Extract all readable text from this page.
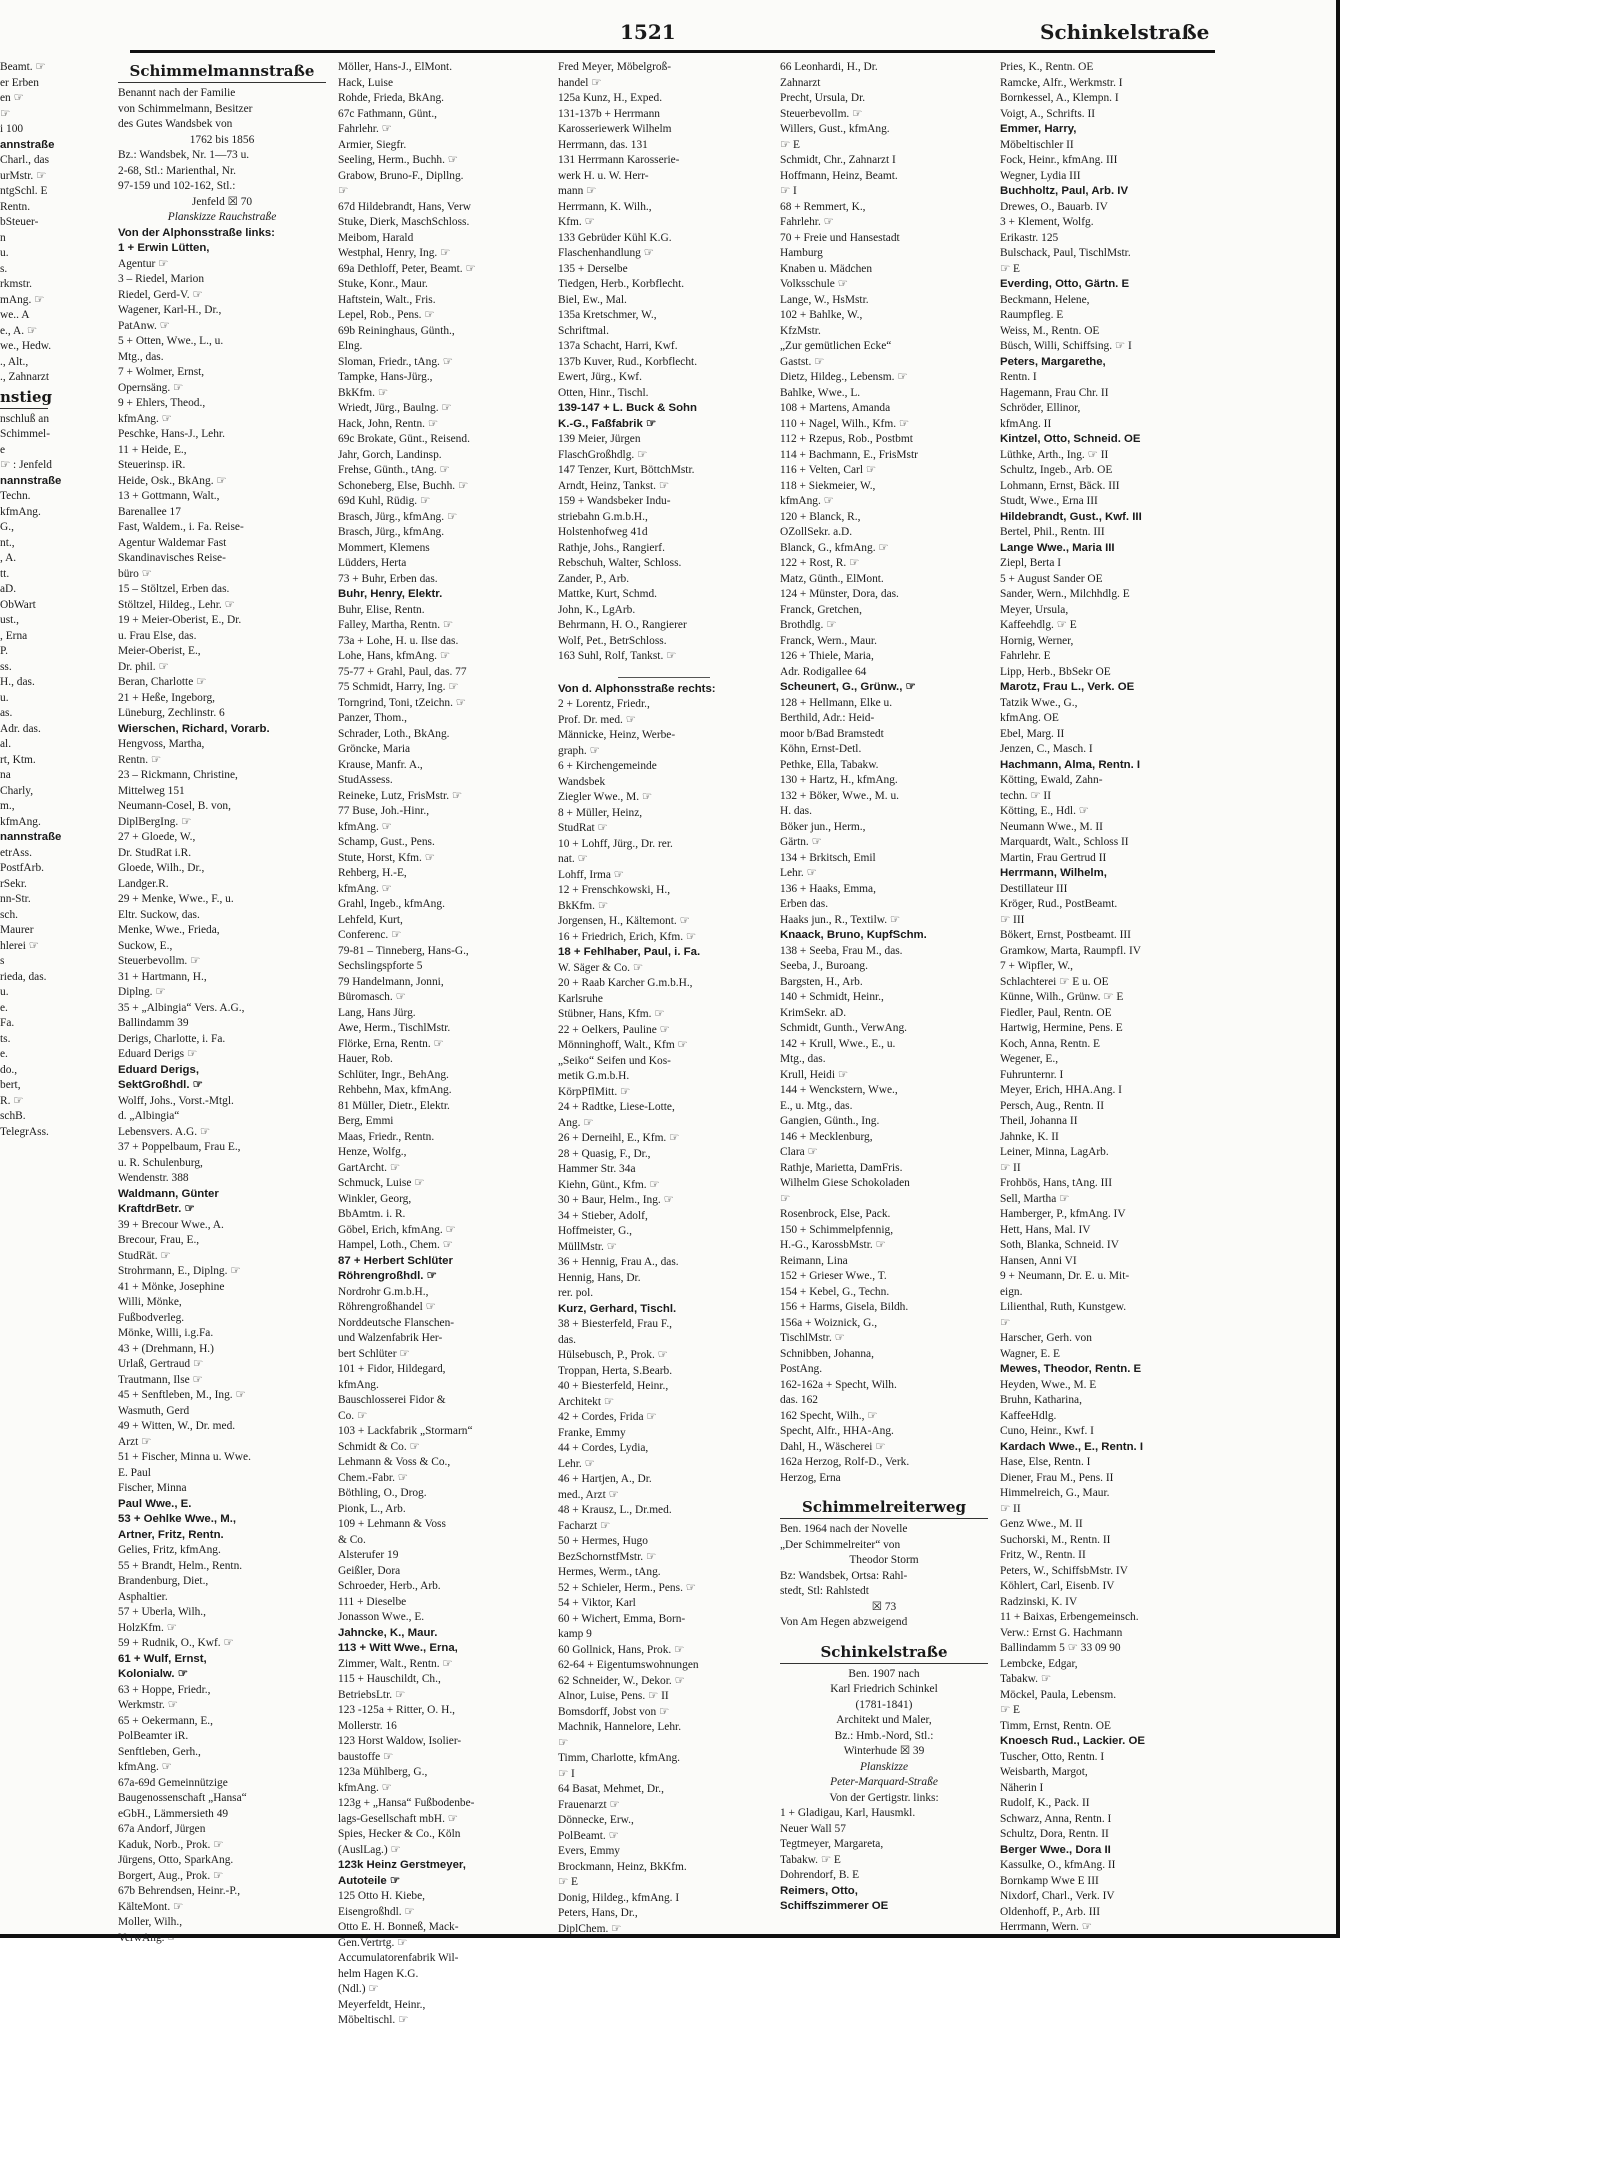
1521	Schinkelstraße
Beamt. ☞
er Erben
en ☞
☞
i 100
annstraße
Charl., das
urMstr. ☞
ntgSchl. E
Rentn.
bSteuer-
n
u.
s.
rkmstr.
mAng. ☞
we.. A
e., A. ☞
we., Hedw.
., Alt.,
., Zahnarzt
nstieg
nschluß an
Schimmel-
e
☞ : Jenfeld
nannstraße
Techn.
kfmAng.
G.,
nt.,
, A.
tt.
aD.
ObWart
ust.,
, Erna
P.
ss.
H., das.
u.
as.
Adr. das.
al.
rt, Ktm.
na
Charly,
m.,
kfmAng.
nannstraße
etrAss.
PostfArb.
rSekr.
nn-Str.
sch.
Maurer
hlerei ☞
s
rieda, das.
u.
e.
Fa.
ts.
e.
do.,
bert,
R. ☞
schB.
TelegrAss.
Schimmelmannstraße
Benannt nach der Familie
von Schimmelmann, Besitzer
des Gutes Wandsbek von
1762 bis 1856
Bz.: Wandsbek, Nr. 1—73 u.
2-68, Stl.: Marienthal, Nr.
97-159 und 102-162, Stl.:
Jenfeld ☒ 70
Planskizze Rauchstraße
Von der Alphonsstraße links:
1 + Erwin Lütten,
Agentur ☞
3 – Riedel, Marion
Riedel, Gerd-V. ☞
Wagener, Karl-H., Dr.,
PatAnw. ☞
5 + Otten, Wwe., L., u.
Mtg., das.
7 + Wolmer, Ernst,
Opernsäng. ☞
9 + Ehlers, Theod.,
kfmAng. ☞
Peschke, Hans-J., Lehr.
11 + Heide, E.,
Steuerinsp. iR.
Heide, Osk., BkAng. ☞
13 + Gottmann, Walt.,
Barenallee 17
Fast, Waldem., i. Fa. Reise-
Agentur Waldemar Fast
Skandinavisches Reise-
büro ☞
15 – Stöltzel, Erben das.
Stöltzel, Hildeg., Lehr. ☞
19 + Meier-Oberist, E., Dr.
u. Frau Else, das.
Meier-Oberist, E.,
Dr. phil. ☞
Beran, Charlotte ☞
21 + Heße, Ingeborg,
Lüneburg, Zechlinstr. 6
Wierschen, Richard, Vorarb.
Hengvoss, Martha,
Rentn. ☞
23 – Rickmann, Christine,
Mittelweg 151
Neumann-Cosel, B. von,
DiplBergIng. ☞
27 + Gloede, W.,
Dr. StudRat i.R.
Gloede, Wilh., Dr.,
Landger.R.
29 + Menke, Wwe., F., u.
Eltr. Suckow, das.
Menke, Wwe., Frieda,
Suckow, E.,
Steuerbevollm. ☞
31 + Hartmann, H.,
Diplng. ☞
35 + „Albingia“ Vers. A.G.,
Ballindamm 39
Derigs, Charlotte, i. Fa.
Eduard Derigs ☞
Eduard Derigs,
SektGroßhdl. ☞
Wolff, Johs., Vorst.-Mtgl.
d. „Albingia“
Lebensvers. A.G. ☞
37 + Poppelbaum, Frau E.,
u. R. Schulenburg,
Wendenstr. 388
Waldmann, Günter
KraftdrBetr. ☞
39 + Brecour Wwe., A.
Brecour, Frau, E.,
StudRät. ☞
Strohrmann, E., Diplng. ☞
41 + Mönke, Josephine
Willi, Mönke,
Fußbodverleg.
Mönke, Willi, i.g.Fa.
43 + (Drehmann, H.)
Urlaß, Gertraud ☞
Trautmann, Ilse ☞
45 + Senftleben, M., Ing. ☞
Wasmuth, Gerd
49 + Witten, W., Dr. med.
Arzt ☞
51 + Fischer, Minna u. Wwe.
E. Paul
Fischer, Minna
Paul Wwe., E.
53 + Oehlke Wwe., M.,
Artner, Fritz, Rentn.
Gelies, Fritz, kfmAng.
55 + Brandt, Helm., Rentn.
Brandenburg, Diet.,
Asphaltier.
57 + Uberla, Wilh.,
HolzKfm. ☞
59 + Rudnik, O., Kwf. ☞
61 + Wulf, Ernst,
Kolonialw. ☞
63 + Hoppe, Friedr.,
Werkmstr. ☞
65 + Oekermann, E.,
PolBeamter iR.
Senftleben, Gerh.,
kfmAng. ☞
67a-69d Gemeinnützige
Baugenossenschaft „Hansa“
eGbH., Lämmersieth 49
67a Andorf, Jürgen
Kaduk, Norb., Prok. ☞
Jürgens, Otto, SparkAng.
Borgert, Aug., Prok. ☞
67b Behrendsen, Heinr.-P.,
KälteMont. ☞
Moller, Wilh.,
VerwAng. ☞
Möller, Hans-J., ElMont.
Hack, Luise
Rohde, Frieda, BkAng.
67c Fathmann, Günt.,
Fahrlehr. ☞
Armier, Siegfr.
Seeling, Herm., Buchh. ☞
Grabow, Bruno-F., Dipllng.
☞
67d Hildebrandt, Hans, Verw
Stuke, Dierk, MaschSchloss.
Meibom, Harald
Westphal, Henry, Ing. ☞
69a Dethloff, Peter, Beamt. ☞
Stuke, Konr., Maur.
Haftstein, Walt., Fris.
Lepel, Rob., Pens. ☞
69b Reininghaus, Günth.,
Elng.
Sloman, Friedr., tAng. ☞
Tampke, Hans-Jürg.,
BkKfm. ☞
Wriedt, Jürg., Baulng. ☞
Hack, John, Rentn. ☞
69c Brokate, Günt., Reisend.
Jahr, Gorch, Landinsp.
Frehse, Günth., tAng. ☞
Schoneberg, Else, Buchh. ☞
69d Kuhl, Rüdig. ☞
Brasch, Jürg., kfmAng. ☞
Brasch, Jürg., kfmAng.
Mommert, Klemens
Lüdders, Herta
73 + Buhr, Erben das.
Buhr, Henry, Elektr.
Buhr, Elise, Rentn.
Falley, Martha, Rentn. ☞
73a + Lohe, H. u. Ilse das.
Lohe, Hans, kfmAng. ☞
75-77 + Grahl, Paul, das. 77
75 Schmidt, Harry, Ing. ☞
Torngrind, Toni, tZeichn. ☞
Panzer, Thom.,
Schrader, Loth., BkAng.
Gröncke, Maria
Krause, Manfr. A.,
StudAssess.
Reineke, Lutz, FrisMstr. ☞
77 Buse, Joh.-Hinr.,
kfmAng. ☞
Schamp, Gust., Pens.
Stute, Horst, Kfm. ☞
Rehberg, H.-E,
kfmAng. ☞
Grahl, Ingeb., kfmAng.
Lehfeld, Kurt,
Conferenc. ☞
79-81 – Tinneberg, Hans-G.,
Sechslingspforte 5
79 Handelmann, Jonni,
Büromasch. ☞
Lang, Hans Jürg.
Awe, Herm., TischlMstr.
Flörke, Erna, Rentn. ☞
Hauer, Rob.
Schlüter, Ingr., BehAng.
Rehbehn, Max, kfmAng.
81 Müller, Dietr., Elektr.
Berg, Emmi
Maas, Friedr., Rentn.
Henze, Wolfg.,
GartArcht. ☞
Schmuck, Luise ☞
Winkler, Georg,
BbAmtm. i. R.
Göbel, Erich, kfmAng. ☞
Hampel, Loth., Chem. ☞
87 + Herbert Schlüter
Röhrengroßhdl. ☞
Nordrohr G.m.b.H.,
Röhrengroßhandel ☞
Norddeutsche Flanschen-
und Walzenfabrik Her-
bert Schlüter ☞
101 + Fidor, Hildegard,
kfmAng.
Bauschlosserei Fidor &
Co. ☞
103 + Lackfabrik „Stormarn“
Schmidt & Co. ☞
Lehmann & Voss & Co.,
Chem.-Fabr. ☞
Böthling, O., Drog.
Pionk, L., Arb.
109 + Lehmann & Voss
& Co.
Alsterufer 19
Geißler, Dora
Schroeder, Herb., Arb.
111 + Dieselbe
Jonasson Wwe., E.
Jahncke, K., Maur.
113 + Witt Wwe., Erna,
Zimmer, Walt., Rentn. ☞
115 + Hauschildt, Ch.,
BetriebsLtr. ☞
123 -125a + Ritter, O. H.,
Mollerstr. 16
123 Horst Waldow, Isolier-
baustoffe ☞
123a Mühlberg, G.,
kfmAng. ☞
123g + „Hansa“ Fußbodenbe-
lags-Gesellschaft mbH. ☞
Spies, Hecker & Co., Köln
(AuslLag.) ☞
123k Heinz Gerstmeyer,
Autoteile ☞
125 Otto H. Kiebe,
Eisengroßhdl. ☞
Otto E. H. Bonneß, Mack-
Gen.Vertrtg. ☞
Accumulatorenfabrik Wil-
helm Hagen K.G.
(Ndl.) ☞
Meyerfeldt, Heinr.,
Möbeltischl. ☞
Fred Meyer, Möbelgroß-
handel ☞
125a Kunz, H., Exped.
131-137b + Herrmann
Karosseriewerk Wilhelm
Herrmann, das. 131
131 Herrmann Karosserie-
werk H. u. W. Herr-
mann ☞
Herrmann, K. Wilh.,
Kfm. ☞
133 Gebrüder Kühl K.G.
Flaschenhandlung ☞
135 + Derselbe
Tiedgen, Herb., Korbflecht.
Biel, Ew., Mal.
135a Kretschmer, W.,
Schriftmal.
137a Schacht, Harri, Kwf.
137b Kuver, Rud., Korbflecht.
Ewert, Jürg., Kwf.
Otten, Hinr., Tischl.
139-147 + L. Buck & Sohn
K.-G., Faßfabrik ☞
139 Meier, Jürgen
FlaschGroßhdlg. ☞
147 Tenzer, Kurt, BöttchMstr.
Arndt, Heinz, Tankst. ☞
159 + Wandsbeker Indu-
striebahn G.m.b.H.,
Holstenhofweg 41d
Rathje, Johs., Rangierf.
Rebschuh, Walter, Schloss.
Zander, P., Arb.
Mattke, Kurt, Schmd.
John, K., LgArb.
Behrmann, H. O., Rangierer
Wolf, Pet., BetrSchloss.
163 Suhl, Rolf, Tankst. ☞
Von d. Alphonsstraße rechts:
2 + Lorentz, Friedr.,
Prof. Dr. med. ☞
Männicke, Heinz, Werbe-
graph. ☞
6 + Kirchengemeinde
Wandsbek
Ziegler Wwe., M. ☞
8 + Müller, Heinz,
StudRat ☞
10 + Lohff, Jürg., Dr. rer.
nat. ☞
Lohff, Irma ☞
12 + Frenschkowski, H.,
BkKfm. ☞
Jorgensen, H., Kältemont. ☞
16 + Friedrich, Erich, Kfm. ☞
18 + Fehlhaber, Paul, i. Fa.
W. Säger & Co. ☞
20 + Raab Karcher G.m.b.H.,
Karlsruhe
Stübner, Hans, Kfm. ☞
22 + Oelkers, Pauline ☞
Mönninghoff, Walt., Kfm ☞
„Seiko“ Seifen und Kos-
metik G.m.b.H.
KörpPflMitt. ☞
24 + Radtke, Liese-Lotte,
Ang. ☞
26 + Derneihl, E., Kfm. ☞
28 + Quasig, F., Dr.,
Hammer Str. 34a
Kiehn, Günt., Kfm. ☞
30 + Baur, Helm., Ing. ☞
34 + Stieber, Adolf,
Hoffmeister, G.,
MüllMstr. ☞
36 + Hennig, Frau A., das.
Hennig, Hans, Dr.
rer. pol.
Kurz, Gerhard, Tischl.
38 + Biesterfeld, Frau F.,
das.
Hülsebusch, P., Prok. ☞
Troppan, Herta, S.Bearb.
40 + Biesterfeld, Heinr.,
Architekt ☞
42 + Cordes, Frida ☞
Franke, Emmy
44 + Cordes, Lydia,
Lehr. ☞
46 + Hartjen, A., Dr.
med., Arzt ☞
48 + Krausz, L., Dr.med.
Facharzt ☞
50 + Hermes, Hugo
BezSchornstfMstr. ☞
Hermes, Werm., tAng.
52 + Schieler, Herm., Pens. ☞
54 + Viktor, Karl
60 + Wichert, Emma, Born-
kamp 9
60 Gollnick, Hans, Prok. ☞
62-64 + Eigentumswohnungen
62 Schneider, W., Dekor. ☞
Alnor, Luise, Pens. ☞ II
Bomsdorff, Jobst von ☞
Machnik, Hannelore, Lehr.
☞
Timm, Charlotte, kfmAng.
☞ I
64 Basat, Mehmet, Dr.,
Frauenarzt ☞
Dönnecke, Erw.,
PolBeamt. ☞
Evers, Emmy
Brockmann, Heinz, BkKfm.
☞ E
Donig, Hildeg., kfmAng. I
Peters, Hans, Dr.,
DiplChem. ☞
66 Leonhardi, H., Dr.
Zahnarzt
Precht, Ursula, Dr.
Steuerbevollm. ☞
Willers, Gust., kfmAng.
☞ E
Schmidt, Chr., Zahnarzt I
Hoffmann, Heinz, Beamt.
☞ I
68 + Remmert, K.,
Fahrlehr. ☞
70 + Freie und Hansestadt
Hamburg
Knaben u. Mädchen
Volksschule ☞
Lange, W., HsMstr.
102 + Bahlke, W.,
KfzMstr.
„Zur gemütlichen Ecke“
Gastst. ☞
Dietz, Hildeg., Lebensm. ☞
Bahlke, Wwe., L.
108 + Martens, Amanda
110 + Nagel, Wilh., Kfm. ☞
112 + Rzepus, Rob., Postbmt
114 + Bachmann, E., FrisMstr
116 + Velten, Carl ☞
118 + Siekmeier, W.,
kfmAng. ☞
120 + Blanck, R.,
OZollSekr. a.D.
Blanck, G., kfmAng. ☞
122 + Rost, R. ☞
Matz, Günth., ElMont.
124 + Münster, Dora, das.
Franck, Gretchen,
Brothdlg. ☞
Franck, Wern., Maur.
126 + Thiele, Maria,
Adr. Rodigallee 64
Scheunert, G., Grünw., ☞
128 + Hellmann, Elke u.
Berthild, Adr.: Heid-
moor b/Bad Bramstedt
Köhn, Ernst-Detl.
Pethke, Ella, Tabakw.
130 + Hartz, H., kfmAng.
132 + Böker, Wwe., M. u.
H. das.
Böker jun., Herm.,
Gärtn. ☞
134 + Brkitsch, Emil
Lehr. ☞
136 + Haaks, Emma,
Erben das.
Haaks jun., R., Textilw. ☞
Knaack, Bruno, KupfSchm.
138 + Seeba, Frau M., das.
Seeba, J., Buroang.
Bargsten, H., Arb.
140 + Schmidt, Heinr.,
KrimSekr. aD.
Schmidt, Gunth., VerwAng.
142 + Krull, Wwe., E., u.
Mtg., das.
Krull, Heidi ☞
144 + Wenckstern, Wwe.,
E., u. Mtg., das.
Gangien, Günth., Ing.
146 + Mecklenburg,
Clara ☞
Rathje, Marietta, DamFris.
Wilhelm Giese Schokoladen
☞
Rosenbrock, Else, Pack.
150 + Schimmelpfennig,
H.-G., KarossbMstr. ☞
Reimann, Lina
152 + Grieser Wwe., T.
154 + Kebel, G., Techn.
156 + Harms, Gisela, Bildh.
156a + Woiznick, G.,
TischlMstr. ☞
Schnibben, Johanna,
PostAng.
162-162a + Specht, Wilh.
das. 162
162 Specht, Wilh., ☞
Specht, Alfr., HHA-Ang.
Dahl, H., Wäscherei ☞
162a Herzog, Rolf-D., Verk.
Herzog, Erna
Schimmelreiterweg
Ben. 1964 nach der Novelle
„Der Schimmelreiter“ von
Theodor Storm
Bz: Wandsbek, Ortsa: Rahl-
stedt, Stl: Rahlstedt
☒ 73
Von Am Hegen abzweigend
Schinkelstraße
Ben. 1907 nach
Karl Friedrich Schinkel
(1781-1841)
Architekt und Maler,
Bz.: Hmb.-Nord, Stl.:
Winterhude ☒ 39
Planskizze
Peter-Marquard-Straße
Von der Gertigstr. links:
1 + Gladigau, Karl, Hausmkl.
Neuer Wall 57
Tegtmeyer, Margareta,
Tabakw. ☞ E
Dohrendorf, B. E
Reimers, Otto,
Schiffszimmerer OE
Pries, K., Rentn. OE
Ramcke, Alfr., Werkmstr. I
Bornkessel, A., Klempn. I
Voigt, A., Schrifts. II
Emmer, Harry,
Möbeltischler II
Fock, Heinr., kfmAng. III
Wegner, Lydia III
Buchholtz, Paul, Arb. IV
Drewes, O., Bauarb. IV
3 + Klement, Wolfg.
Erikastr. 125
Bulschack, Paul, TischlMstr.
☞ E
Everding, Otto, Gärtn. E
Beckmann, Helene,
Raumpfleg. E
Weiss, M., Rentn. OE
Büsch, Willi, Schiffsing. ☞ I
Peters, Margarethe,
Rentn. I
Hagemann, Frau Chr. II
Schröder, Ellinor,
kfmAng. II
Kintzel, Otto, Schneid. OE
Lüthke, Arth., Ing. ☞ II
Schultz, Ingeb., Arb. OE
Lohmann, Ernst, Bäck. III
Studt, Wwe., Erna III
Hildebrandt, Gust., Kwf. III
Bertel, Phil., Rentn. III
Lange Wwe., Maria III
Ziepl, Berta I
5 + August Sander OE
Sander, Wern., Milchhdlg. E
Meyer, Ursula,
Kaffeehdlg. ☞ E
Hornig, Werner,
Fahrlehr. E
Lipp, Herb., BbSekr OE
Marotz, Frau L., Verk. OE
Tatzik Wwe., G.,
kfmAng. OE
Ebel, Marg. II
Jenzen, C., Masch. I
Hachmann, Alma, Rentn. I
Kötting, Ewald, Zahn-
techn. ☞ II
Kötting, E., Hdl. ☞
Neumann Wwe., M. II
Marquardt, Walt., Schloss II
Martin, Frau Gertrud II
Herrmann, Wilhelm,
Destillateur III
Kröger, Rud., PostBeamt.
☞ III
Bökert, Ernst, Postbeamt. III
Gramkow, Marta, Raumpfl. IV
7 + Wipfler, W.,
Schlachterei ☞ E u. OE
Künne, Wilh., Grünw. ☞ E
Fiedler, Paul, Rentn. OE
Hartwig, Hermine, Pens. E
Koch, Anna, Rentn. E
Wegener, E.,
Fuhrunternr. I
Meyer, Erich, HHA.Ang. I
Persch, Aug., Rentn. II
Theil, Johanna II
Jahnke, K. II
Leiner, Minna, LagArb.
☞ II
Frohbös, Hans, tAng. III
Sell, Martha ☞
Hamberger, P., kfmAng. IV
Hett, Hans, Mal. IV
Soth, Blanka, Schneid. IV
Hansen, Anni VI
9 + Neumann, Dr. E. u. Mit-
eign.
Lilienthal, Ruth, Kunstgew.
☞
Harscher, Gerh. von
Wagner, E. E
Mewes, Theodor, Rentn. E
Heyden, Wwe., M. E
Bruhn, Katharina,
KaffeeHdlg.
Cuno, Heinr., Kwf. I
Kardach Wwe., E., Rentn. I
Hase, Else, Rentn. I
Diener, Frau M., Pens. II
Himmelreich, G., Maur.
☞ II
Genz Wwe., M. II
Suchorski, M., Rentn. II
Fritz, W., Rentn. II
Peters, W., SchiffsbMstr. IV
Köhlert, Carl, Eisenb. IV
Radzinski, K. IV
11 + Baixas, Erbengemeinsch.
Verw.: Ernst G. Hachmann
Ballindamm 5 ☞ 33 09 90
Lembcke, Edgar,
Tabakw. ☞
Möckel, Paula, Lebensm.
☞ E
Timm, Ernst, Rentn. OE
Knoesch Rud., Lackier. OE
Tuscher, Otto, Rentn. I
Weisbarth, Margot,
Näherin I
Rudolf, K., Pack. II
Schwarz, Anna, Rentn. I
Schultz, Dora, Rentn. II
Berger Wwe., Dora II
Kassulke, O., kfmAng. II
Bornkamp Wwe E III
Nixdorf, Charl., Verk. IV
Oldenhoff, P., Arb. III
Herrmann, Wern. ☞
